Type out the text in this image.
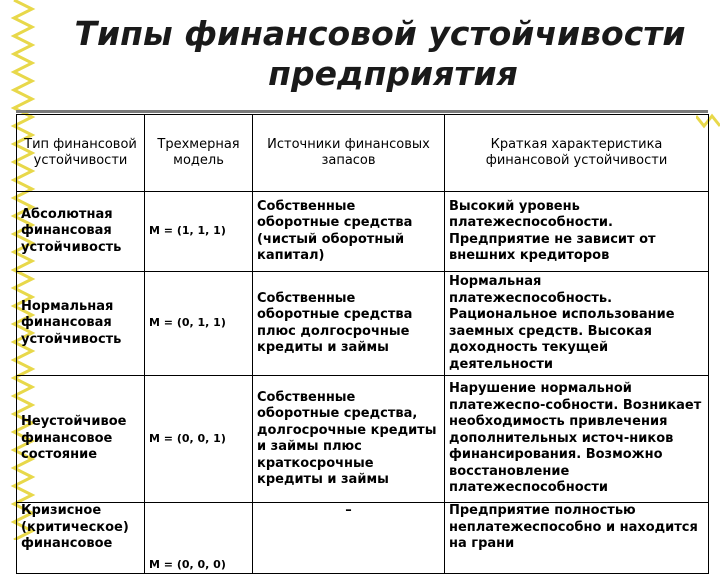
Типы финансовой устойчивости
предприятия
Тип финансовой устойчивости	Трехмерная модель	Источники финансовых запасов	Краткая характеристика финансовой устойчивости
Абсолютная финансовая устойчивость	M = (1, 1, 1)	Собственные оборотные средства (чистый оборотный капитал)	Высокий уровень платежеспособности. Предприятие не зависит от внешних кредиторов
Нормальная финансовая устойчивость	M = (0, 1, 1)	Собственные оборотные средства плюс долгосрочные кредиты и займы	Нормальная платежеспособность. Рациональное использование заемных средств. Высокая доходность текущей деятельности
Неустойчивое финансовое состояние	M = (0, 0, 1)	Собственные оборотные средства, долгосрочные кредиты и займы плюс краткосрочные кредиты и займы	Нарушение нормальной платежеспо-собности. Возникает необходимость привлечения дополнительных источ-ников финансирования. Возможно восстановление платежеспособности
Кризисное (критическое) финансовое	M = (0, 0, 0)	–	Предприятие полностью неплатежеспособно и находится на грани
